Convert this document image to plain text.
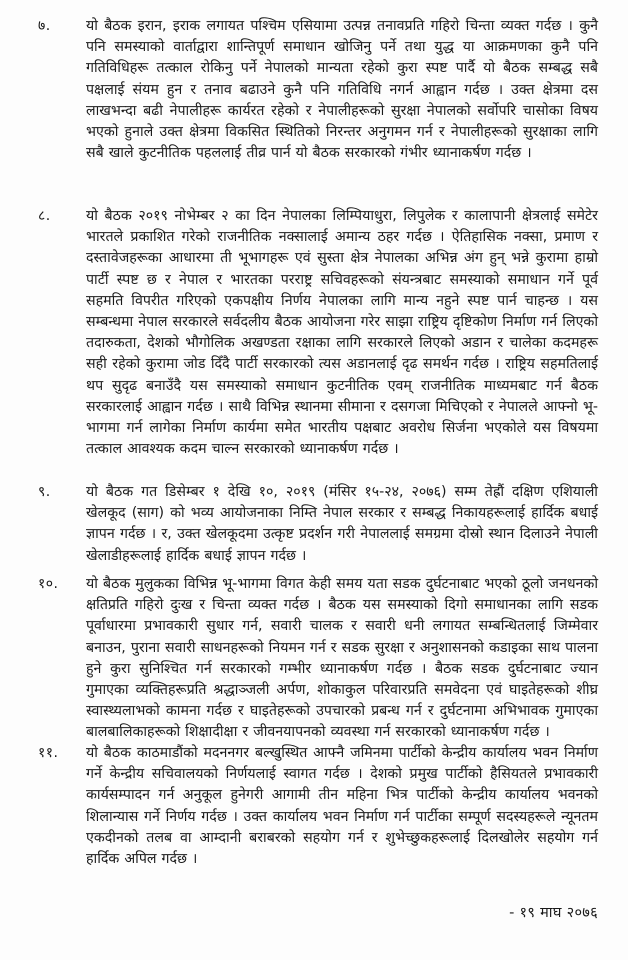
७.	यो बैठक इरान, इराक लगायत पश्चिम एसियामा उत्पन्न तनावप्रति गहिरो चिन्ता व्यक्त गर्दछ । कुनै पनि समस्याको वार्ताद्वारा शान्तिपूर्ण समाधान खोजिनु पर्ने तथा युद्ध या आक्रमणका कुनै पनि गतिविधिहरू तत्काल रोकिनु पर्ने नेपालको मान्यता रहेको कुरा स्पष्ट पार्दै यो बैठक सम्बद्ध सबै पक्षलाई संयम हुन र तनाव बढाउने कुनै पनि गतिविधि नगर्न आह्वान गर्दछ । उक्त क्षेत्रमा दस लाखभन्दा बढी नेपालीहरू कार्यरत रहेको र नेपालीहरूको सुरक्षा नेपालको सर्वोपरि चासोका विषय भएको हुनाले उक्त क्षेत्रमा विकसित स्थितिको निरन्तर अनुगमन गर्न र नेपालीहरूको सुरक्षाका लागि सबै खाले कुटनीतिक पहललाई तीव्र पार्न यो बैठक सरकारको गंभीर ध्यानाकर्षण गर्दछ ।

८.	यो बैठक २०१९ नोभेम्बर २ का दिन नेपालका लिम्पियाधुरा, लिपुलेक र कालापानी क्षेत्रलाई समेटेर भारतले प्रकाशित गरेको राजनीतिक नक्सालाई अमान्य ठहर गर्दछ । ऐतिहासिक नक्सा, प्रमाण र दस्तावेजहरूका आधारमा ती भूभागहरू एवं सुस्ता क्षेत्र नेपालका अभिन्न अंग हुन् भन्ने कुरामा हाम्रो पार्टी स्पष्ट छ र नेपाल र भारतका परराष्ट्र सचिवहरूको संयन्त्रबाट समस्याको समाधान गर्ने पूर्व सहमति विपरीत गरिएको एकपक्षीय निर्णय नेपालका लागि मान्य नहुने स्पष्ट पार्न चाहन्छ । यस सम्बन्धमा नेपाल सरकारले सर्वदलीय बैठक आयोजना गरेर साझा राष्ट्रिय दृष्टिकोण निर्माण गर्न लिएको तदारुकता, देशको भौगोलिक अखण्डता रक्षाका लागि सरकारले लिएको अडान र चालेका कदमहरू सही रहेको कुरामा जोड दिँदै पार्टी सरकारको त्यस अडानलाई दृढ समर्थन गर्दछ । राष्ट्रिय सहमतिलाई थप सुदृढ बनाउँदै यस समस्याको समाधान कुटनीतिक एवम् राजनीतिक माध्यमबाट गर्न बैठक सरकारलाई आह्वान गर्दछ । साथै विभिन्न स्थानमा सीमाना र दसगजा मिचिएको र नेपालले आफ्नो भू-भागमा गर्न लागेका निर्माण कार्यमा समेत भारतीय पक्षबाट अवरोध सिर्जना भएकोले यस विषयमा तत्काल आवश्यक कदम चाल्न सरकारको ध्यानाकर्षण गर्दछ ।

९.	यो बैठक गत डिसेम्बर १ देखि १०, २०१९ (मंसिर १५-२४, २०७६) सम्म तेह्रौं दक्षिण एशियाली खेलकूद (साग) को भव्य आयोजनाका निम्ति नेपाल सरकार र सम्बद्ध निकायहरूलाई हार्दिक बधाई ज्ञापन गर्दछ । र, उक्त खेलकूदमा उत्कृष्ट प्रदर्शन गरी नेपाललाई समग्रमा दोस्रो स्थान दिलाउने नेपाली खेलाडीहरूलाई हार्दिक बधाई ज्ञापन गर्दछ ।

१०.	यो बैठक मुलुकका विभिन्न भू-भागमा विगत केही समय यता सडक दुर्घटनाबाट भएको ठूलो जनधनको क्षतिप्रति गहिरो दुःख र चिन्ता व्यक्त गर्दछ । बैठक यस समस्याको दिगो समाधानका लागि सडक पूर्वाधारमा प्रभावकारी सुधार गर्न, सवारी चालक र सवारी धनी लगायत सम्बन्धितलाई जिम्मेवार बनाउन, पुराना सवारी साधनहरूको नियमन गर्न र सडक सुरक्षा र अनुशासनको कडाइका साथ पालना हुने कुरा सुनिश्चित गर्न सरकारको गम्भीर ध्यानाकर्षण गर्दछ । बैठक सडक दुर्घटनाबाट ज्यान गुमाएका व्यक्तिहरूप्रति श्रद्धाञ्जली अर्पण, शोकाकुल परिवारप्रति समवेदना एवं घाइतेहरूको शीघ्र स्वास्थ्यलाभको कामना गर्दछ र घाइतेहरूको उपचारको प्रबन्ध गर्न र दुर्घटनामा अभिभावक गुमाएका बालबालिकाहरूको शिक्षादीक्षा र जीवनयापनको व्यवस्था गर्न सरकारको ध्यानाकर्षण गर्दछ ।

११.	यो बैठक काठमाडौंको मदननगर बल्खुस्थित आफ्नै जमिनमा पार्टीको केन्द्रीय कार्यालय भवन निर्माण गर्ने केन्द्रीय सचिवालयको निर्णयलाई स्वागत गर्दछ । देशको प्रमुख पार्टीको हैसियतले प्रभावकारी कार्यसम्पादन गर्न अनुकूल हुनेगरी आगामी तीन महिना भित्र पार्टीको केन्द्रीय कार्यालय भवनको शिलान्यास गर्ने निर्णय गर्दछ । उक्त कार्यालय भवन निर्माण गर्न पार्टीका सम्पूर्ण सदस्यहरूले न्यूनतम एकदीनको तलब वा आम्दानी बराबरको सहयोग गर्न र शुभेच्छुकहरूलाई दिलखोलेर सहयोग गर्न हार्दिक अपिल गर्दछ ।

- १९ माघ २०७६
